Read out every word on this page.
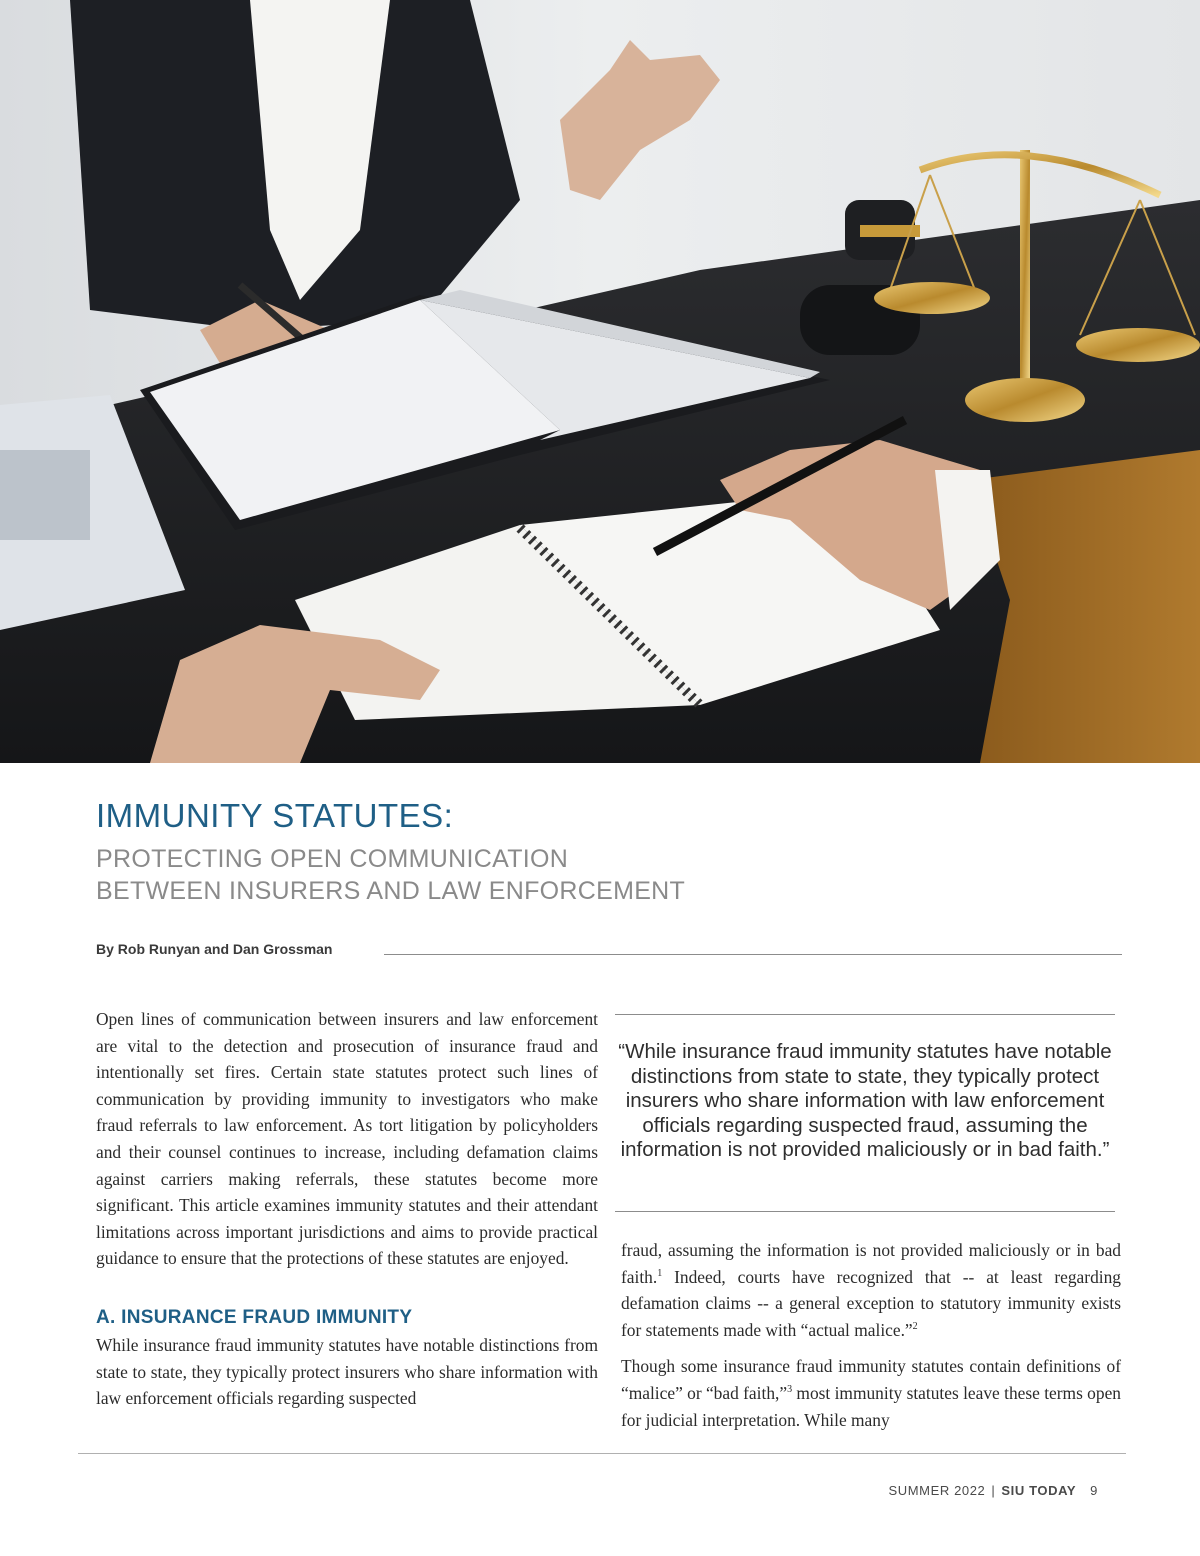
IMMUNITY STATUTES:
PROTECTING OPEN COMMUNICATION
BETWEEN INSURERS AND LAW ENFORCEMENT
By Rob Runyan and Dan Grossman

Open lines of communication between insurers and law enforcement are vital to the detection and prosecution of insurance fraud and intentionally set fires. Certain state statutes protect such lines of communication by providing immunity to investigators who make fraud referrals to law enforcement. As tort litigation by policyholders and their counsel continues to increase, including defamation claims against carriers making referrals, these statutes become more significant. This article examines immunity statutes and their attendant limitations across important jurisdictions and aims to provide practical guidance to ensure that the protections of these statutes are enjoyed.

A. INSURANCE FRAUD IMMUNITY

While insurance fraud immunity statutes have notable distinctions from state to state, they typically protect insurers who share information with law enforcement officials regarding suspected

“While insurance fraud immunity statutes have notable distinctions from state to state, they typically protect insurers who share information with law enforcement officials regarding suspected fraud, assuming the information is not provided maliciously or in bad faith.”

fraud, assuming the information is not provided maliciously or in bad faith.$^1$ Indeed, courts have recognized that -- at least regarding defamation claims -- a general exception to statutory immunity exists for statements made with “actual malice.”$^2$

Though some insurance fraud immunity statutes contain definitions of “malice” or “bad faith,”$^3$ most immunity statutes leave these terms open for judicial interpretation. While many

SUMMER 2022 | SIU TODAY 9
